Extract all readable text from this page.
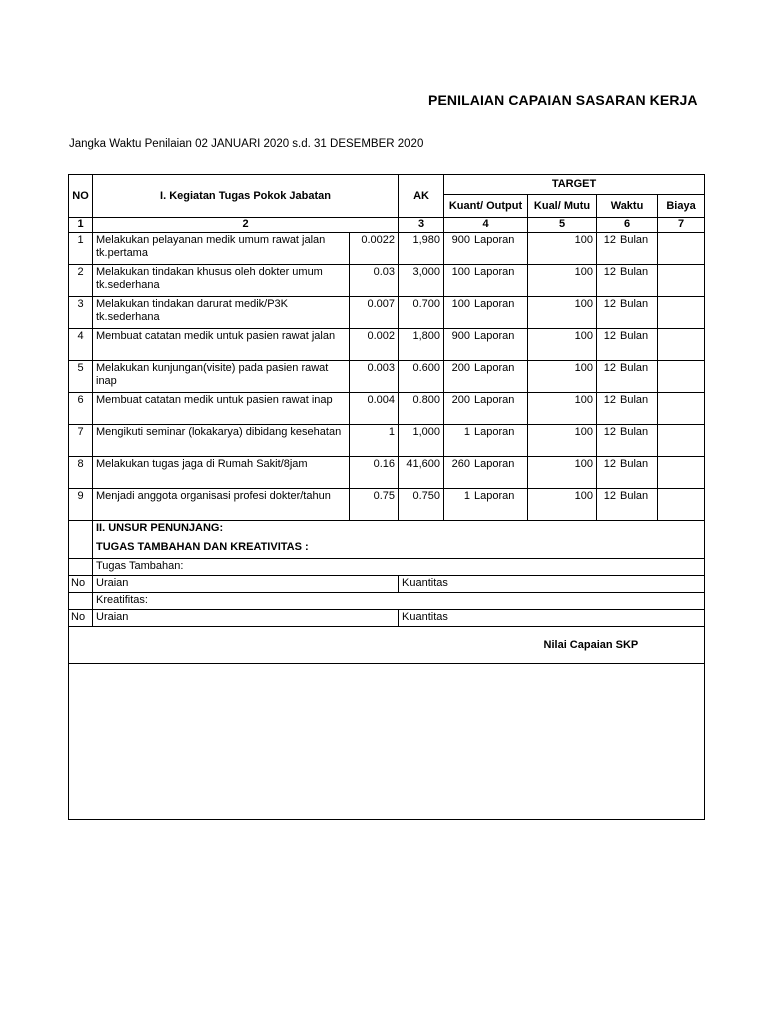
PENILAIAN CAPAIAN SASARAN KERJA
Jangka Waktu Penilaian 02 JANUARI 2020 s.d. 31 DESEMBER 2020
NO	I. Kegiatan Tugas Pokok Jabatan		AK	TARGET			
				Kuant/ Output	Kual/ Mutu	Waktu	Biaya
1	2		3	4	5	6	7
1	Melakukan pelayanan medik umum rawat jalan tk.pertama	0.0022	1,980	900 Laporan	100	12 Bulan	
2	Melakukan tindakan khusus oleh dokter umum tk.sederhana	0.03	3,000	100 Laporan	100	12 Bulan	
3	Melakukan tindakan darurat medik/P3K tk.sederhana	0.007	0.700	100 Laporan	100	12 Bulan	
4	Membuat catatan medik untuk pasien rawat jalan	0.002	1,800	900 Laporan	100	12 Bulan	
5	Melakukan kunjungan(visite) pada pasien rawat inap	0.003	0.600	200 Laporan	100	12 Bulan	
6	Membuat catatan medik untuk pasien rawat inap	0.004	0.800	200 Laporan	100	12 Bulan	
7	Mengikuti seminar (lokakarya) dibidang kesehatan	1	1,000	1 Laporan	100	12 Bulan	
8	Melakukan tugas jaga di Rumah Sakit/8jam	0.16	41,600	260 Laporan	100	12 Bulan	
9	Menjadi anggota organisasi profesi dokter/tahun	0.75	0.750	1 Laporan	100	12 Bulan	
	II. UNSUR PENUNJANG:						
	TUGAS TAMBAHAN DAN KREATIVITAS :						
	Tugas Tambahan:						
No	Uraian		Kuantitas				
	Kreatifitas:						
No	Uraian		Kuantitas				
					Nilai Capaian SKP		
